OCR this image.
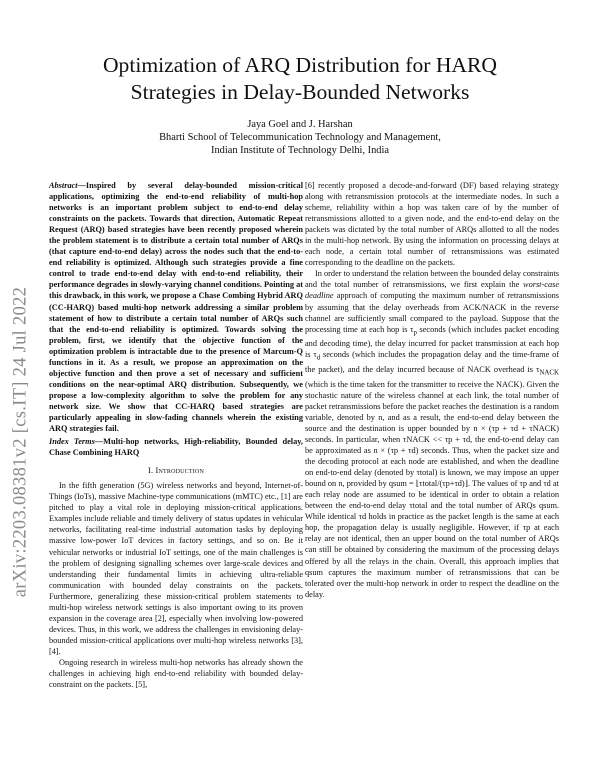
arXiv:2203.08381v2 [cs.IT] 24 Jul 2022
Optimization of ARQ Distribution for HARQ
Strategies in Delay-Bounded Networks
Jaya Goel and J. Harshan
Bharti School of Telecommunication Technology and Management,
Indian Institute of Technology Delhi, India

Abstract—Inspired by several delay-bounded mission-critical applications, optimizing the end-to-end reliability of multi-hop networks is an important problem subject to end-to-end delay constraints on the packets. Towards that direction, Automatic Repeat Request (ARQ) based strategies have been recently proposed wherein the problem statement is to distribute a certain total number of ARQs (that capture end-to-end delay) across the nodes such that the end-to-end reliability is optimized. Although such strategies provide a fine control to trade end-to-end delay with end-to-end reliability, their performance degrades in slowly-varying channel conditions. Pointing at this drawback, in this work, we propose a Chase Combing Hybrid ARQ (CC-HARQ) based multi-hop network addressing a similar problem statement of how to distribute a certain total number of ARQs such that the end-to-end reliability is optimized. Towards solving the problem, first, we identify that the objective function of the optimization problem is intractable due to the presence of Marcum-Q functions in it. As a result, we propose an approximation on the objective function and then prove a set of necessary and sufficient conditions on the near-optimal ARQ distribution. Subsequently, we propose a low-complexity algorithm to solve the problem for any network size. We show that CC-HARQ based strategies are particularly appealing in slow-fading channels wherein the existing ARQ strategies fail.

Index Terms—Multi-hop networks, High-reliability, Bounded delay, Chase Combining HARQ

I. Introduction

In the fifth generation (5G) wireless networks and beyond, Internet-of-Things (IoTs), massive Machine-type communications (mMTC) etc., [1] are pitched to play a vital role in deploying mission-critical applications. Examples include reliable and timely delivery of status updates in vehicular networks, facilitating real-time industrial automation tasks by deploying massive low-power IoT devices in factory settings, and so on. Be it vehicular networks or industrial IoT settings, one of the main challenges is the problem of designing signalling schemes over large-scale devices and understanding their fundamental limits in achieving ultra-reliable communication with bounded delay constraints on the packets. Furthermore, generalizing these mission-critical problem statements to multi-hop wireless network settings is also important owing to its proven expansion in the coverage area [2], especially when involving low-powered devices. Thus, in this work, we address the challenges in envisioning delay-bounded mission-critical applications over multi-hop wireless networks [3], [4].

Ongoing research in wireless multi-hop networks has already shown the challenges in achieving high end-to-end reliability with bounded delay-constraint on the packets. [5],

[6] recently proposed a decode-and-forward (DF) based relaying strategy along with retransmission protocols at the intermediate nodes. In such a scheme, reliability within a hop was taken care of by the number of retransmissions allotted to a given node, and the end-to-end delay on the packets was dictated by the total number of ARQs allotted to all the nodes in the multi-hop network. By using the information on processing delays at each node, a certain total number of retransmissions was estimated corresponding to the deadline on the packets.

In order to understand the relation between the bounded delay constraints and the total number of retransmissions, we first explain the worst-case deadline approach of computing the maximum number of retransmissions by assuming that the delay overheads from ACK/NACK in the reverse channel are sufficiently small compared to the payload. Suppose that the processing time at each hop is $\tau_p$ seconds (which includes packet encoding and decoding time), the delay incurred for packet transmission at each hop is $\tau_d$ seconds (which includes the propagation delay and the time-frame of the packet), and the delay incurred because of NACK overhead is $\tau_{NACK}$ (which is the time taken for the transmitter to receive the NACK). Given the stochastic nature of the wireless channel at each link, the total number of packet retransmissions before the packet reaches the destination is a random variable, denoted by n, and as a result, the end-to-end delay between the source and the destination is upper bounded by n × (τp + τd + τNACK) seconds. In particular, when τNACK << τp + τd, the end-to-end delay can be approximated as n × (τp + τd) seconds. Thus, when the packet size and the decoding protocol at each node are established, and when the deadline on end-to-end delay (denoted by τtotal) is known, we may impose an upper bound on n, provided by qsum = ⌊τtotal/(τp+τd)⌋. The values of τp and τd at each relay node are assumed to be identical in order to obtain a relation between the end-to-end delay τtotal and the total number of ARQs qsum. While identical τd holds in practice as the packet length is the same at each hop, the propagation delay is usually negligible. However, if τp at each relay are not identical, then an upper bound on the total number of ARQs can still be obtained by considering the maximum of the processing delays offered by all the relays in the chain. Overall, this approach implies that qsum captures the maximum number of retransmissions that can be tolerated over the multi-hop network in order to respect the deadline on the delay.
